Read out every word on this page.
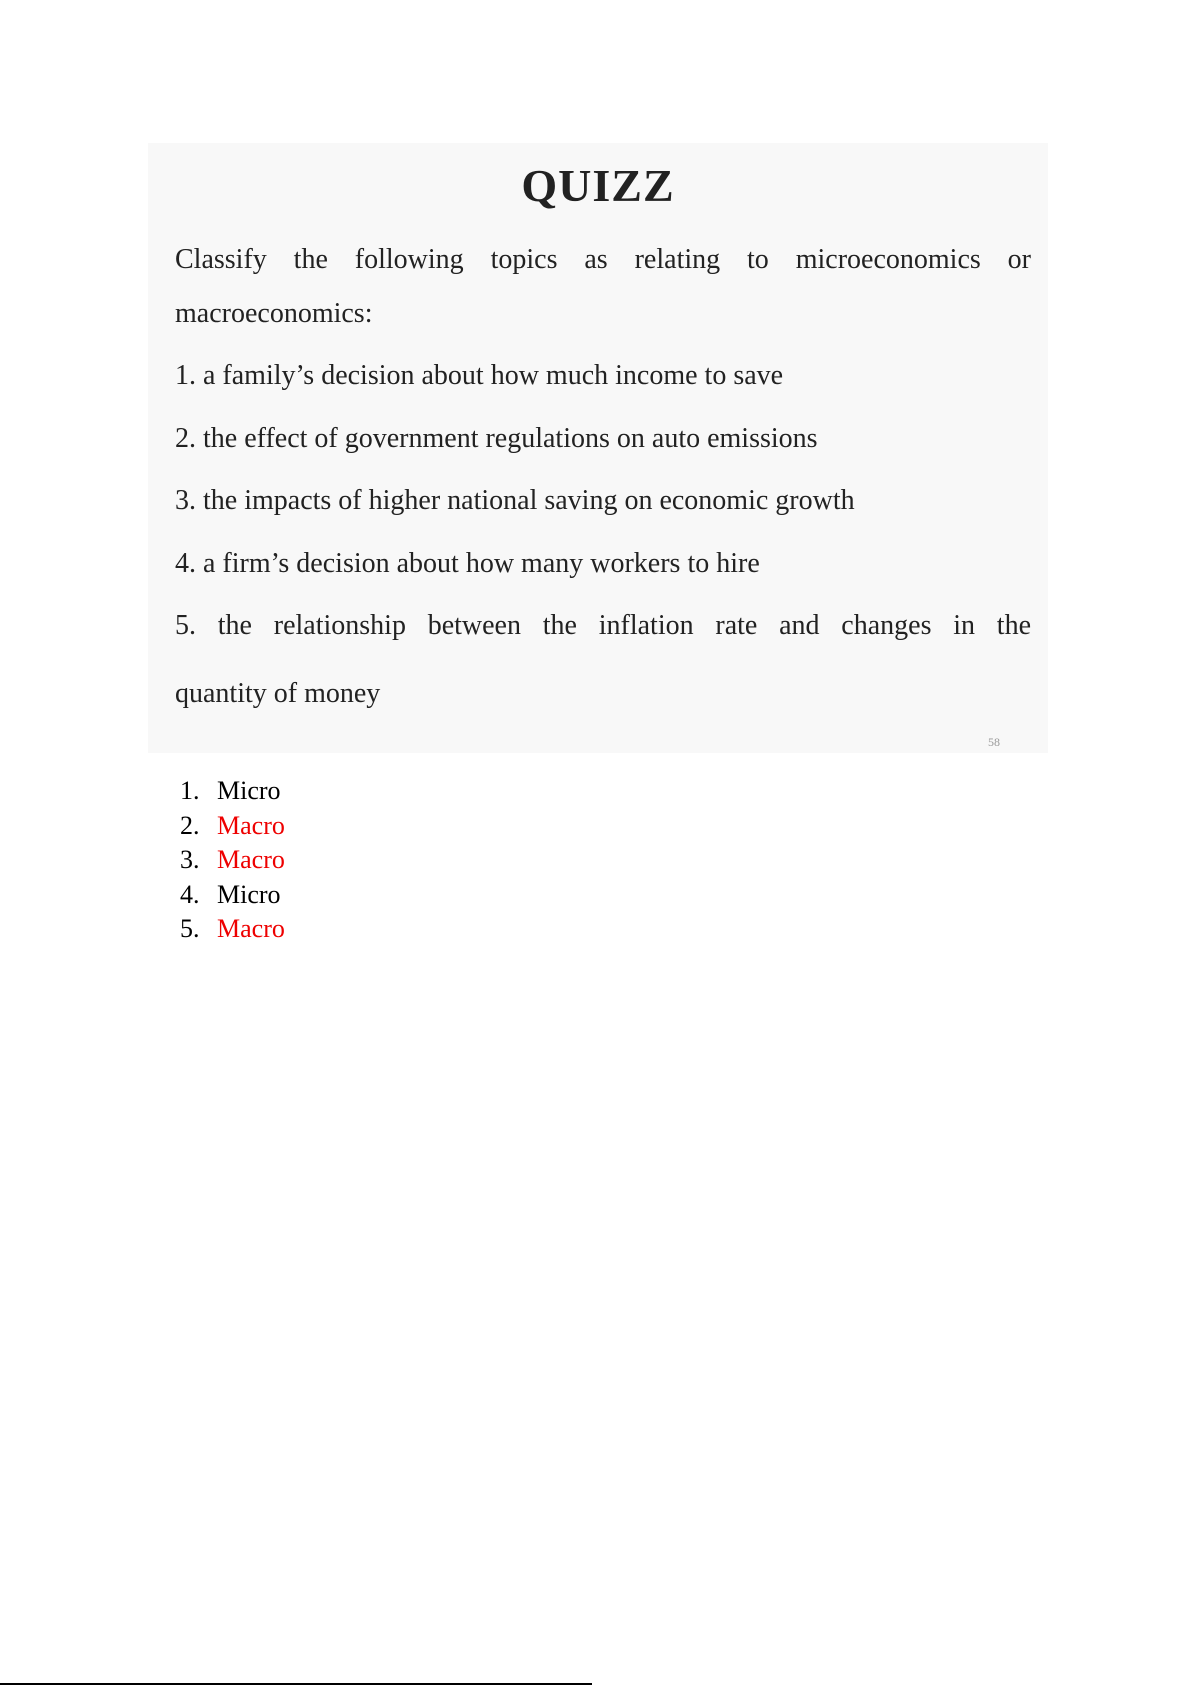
QUIZZ

Classify the following topics as relating to microeconomics or

macroeconomics:

1. a family’s decision about how much income to save

2. the effect of government regulations on auto emissions

3. the impacts of higher national saving on economic growth

4. a firm’s decision about how many workers to hire

5. the relationship between the inflation rate and changes in the

quantity of money

58
1. Micro
2. Macro
3. Macro
4. Micro
5. Macro
